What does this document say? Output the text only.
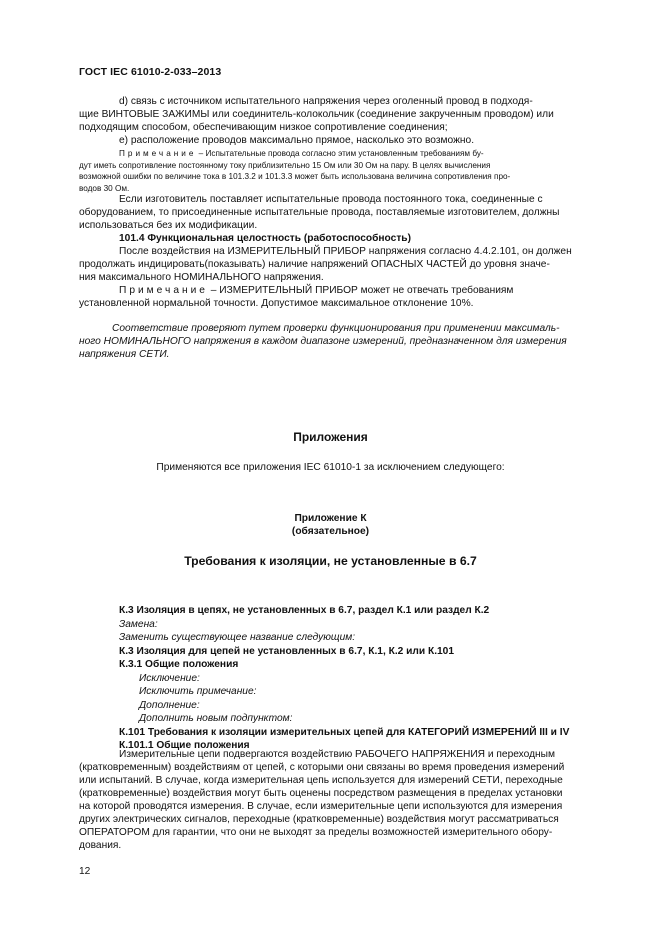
ГОСТ IEC 61010-2-033–2013
d) связь с источником испытательного напряжения через оголенный провод в подходя-
щие ВИНТОВЫЕ ЗАЖИМЫ или соединитель-колокольчик (соединение закрученным проводом) или
подходящим способом, обеспечивающим низкое сопротивление соединения;
e) расположение проводов максимально прямое, насколько это возможно.
Примечание – Испытательные провода согласно этим установленным требованиям бу-
дут иметь сопротивление постоянному току приблизительно 15 Ом или 30 Ом на пару. В целях вычисления
возможной ошибки по величине тока в 101.3.2 и 101.3.3 может быть использована величина сопротивления про-
водов 30 Ом.
Если изготовитель поставляет испытательные провода постоянного тока, соединенные с
оборудованием, то присоединенные испытательные провода, поставляемые изготовителем, должны
использоваться без их модификации.
101.4 Функциональная целостность (работоспособность)
После воздействия на ИЗМЕРИТЕЛЬНЫЙ ПРИБОР напряжения согласно 4.4.2.101, он должен
продолжать индицировать(показывать) наличие напряжений ОПАСНЫХ ЧАСТЕЙ до уровня значе-
ния максимального НОМИНАЛЬНОГО напряжения.
Примечание – ИЗМЕРИТЕЛЬНЫЙ ПРИБОР может не отвечать требованиям
установленной нормальной точности. Допустимое максимальное отклонение 10%.
Соответствие проверяют путем проверки функционирования при применении максималь-
ного НОМИНАЛЬНОГО напряжения в каждом диапазоне измерений, предназначенном для измерения
напряжения СЕТИ.
Приложения
Применяются все приложения IEC 61010-1 за исключением следующего:
Приложение К
(обязательное)
Требования к изоляции, не установленные в 6.7
К.3 Изоляция в цепях, не установленных в 6.7, раздел К.1 или раздел К.2
Замена:
Заменить существующее название следующим:
К.3 Изоляция для цепей не установленных в 6.7, К.1, К.2 или К.101
К.3.1 Общие положения
Исключение:
Исключить примечание:
Дополнение:
Дополнить новым подпунктом:
К.101 Требования к изоляции измерительных цепей для КАТЕГОРИЙ ИЗМЕРЕНИЙ III и IV
К.101.1 Общие положения
Измерительные цепи подвергаются воздействию РАБОЧЕГО НАПРЯЖЕНИЯ и переходным
(кратковременным) воздействиям от цепей, с которыми они связаны во время проведения измерений
или испытаний. В случае, когда измерительная цепь используется для измерений СЕТИ, переходные
(кратковременные) воздействия могут быть оценены посредством размещения в пределах установки
на которой проводятся измерения. В случае, если измерительные цепи используются для измерения
других электрических сигналов, переходные (кратковременные) воздействия могут рассматриваться
ОПЕРАТОРОМ для гарантии, что они не выходят за пределы возможностей измерительного обору-
дования.
12
